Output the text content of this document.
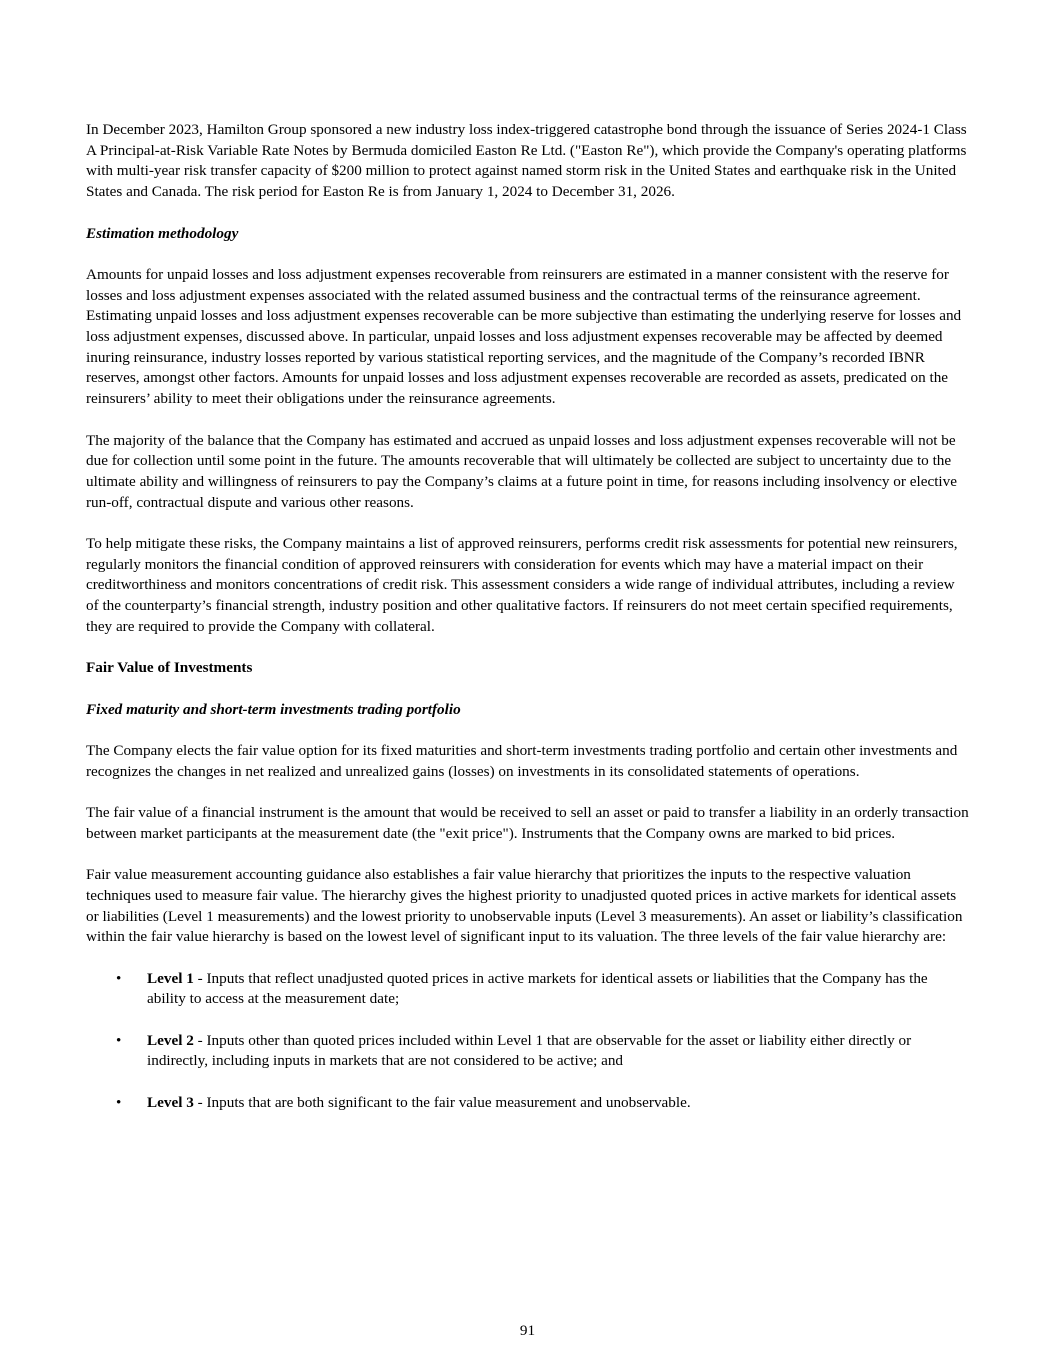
In December 2023, Hamilton Group sponsored a new industry loss index-triggered catastrophe bond through the issuance of Series 2024-1 Class A Principal-at-Risk Variable Rate Notes by Bermuda domiciled Easton Re Ltd. ("Easton Re"), which provide the Company's operating platforms with multi-year risk transfer capacity of $200 million to protect against named storm risk in the United States and earthquake risk in the United States and Canada. The risk period for Easton Re is from January 1, 2024 to December 31, 2026.

Estimation methodology

Amounts for unpaid losses and loss adjustment expenses recoverable from reinsurers are estimated in a manner consistent with the reserve for losses and loss adjustment expenses associated with the related assumed business and the contractual terms of the reinsurance agreement. Estimating unpaid losses and loss adjustment expenses recoverable can be more subjective than estimating the underlying reserve for losses and loss adjustment expenses, discussed above. In particular, unpaid losses and loss adjustment expenses recoverable may be affected by deemed inuring reinsurance, industry losses reported by various statistical reporting services, and the magnitude of the Company’s recorded IBNR reserves, amongst other factors. Amounts for unpaid losses and loss adjustment expenses recoverable are recorded as assets, predicated on the reinsurers’ ability to meet their obligations under the reinsurance agreements.

The majority of the balance that the Company has estimated and accrued as unpaid losses and loss adjustment expenses recoverable will not be due for collection until some point in the future. The amounts recoverable that will ultimately be collected are subject to uncertainty due to the ultimate ability and willingness of reinsurers to pay the Company’s claims at a future point in time, for reasons including insolvency or elective run-off, contractual dispute and various other reasons.

To help mitigate these risks, the Company maintains a list of approved reinsurers, performs credit risk assessments for potential new reinsurers, regularly monitors the financial condition of approved reinsurers with consideration for events which may have a material impact on their creditworthiness and monitors concentrations of credit risk. This assessment considers a wide range of individual attributes, including a review of the counterparty’s financial strength, industry position and other qualitative factors. If reinsurers do not meet certain specified requirements, they are required to provide the Company with collateral.

Fair Value of Investments

Fixed maturity and short-term investments trading portfolio

The Company elects the fair value option for its fixed maturities and short-term investments trading portfolio and certain other investments and recognizes the changes in net realized and unrealized gains (losses) on investments in its consolidated statements of operations.

The fair value of a financial instrument is the amount that would be received to sell an asset or paid to transfer a liability in an orderly transaction between market participants at the measurement date (the "exit price"). Instruments that the Company owns are marked to bid prices.

Fair value measurement accounting guidance also establishes a fair value hierarchy that prioritizes the inputs to the respective valuation techniques used to measure fair value. The hierarchy gives the highest priority to unadjusted quoted prices in active markets for identical assets or liabilities (Level 1 measurements) and the lowest priority to unobservable inputs (Level 3 measurements). An asset or liability’s classification within the fair value hierarchy is based on the lowest level of significant input to its valuation. The three levels of the fair value hierarchy are:

• Level 1 - Inputs that reflect unadjusted quoted prices in active markets for identical assets or liabilities that the Company has the ability to access at the measurement date;
• Level 2 - Inputs other than quoted prices included within Level 1 that are observable for the asset or liability either directly or indirectly, including inputs in markets that are not considered to be active; and
• Level 3 - Inputs that are both significant to the fair value measurement and unobservable.
91
